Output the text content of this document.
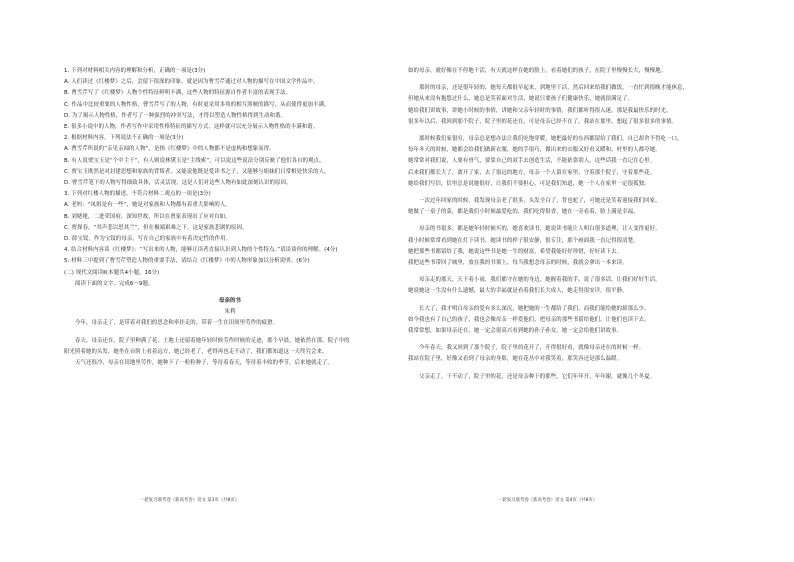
1. 下列对材料相关内容的理解和分析，正确的一项是(3分)
A. 人们读过《红楼梦》之后，会留下很深的印象，就是因为曹雪芹通过对人物的描写在中国文学作品中。
B. 曹雪芹写了《红楼梦》人物个性特征鲜明丰满，这些人物的特征源自作者丰富的表现手法。
C. 作品中比较重要的人物性格，曹雪芹写了的人物，有时更采用多角的相互照映的描写，从而使得更加丰满。
D. 为了揭示人物性格，作者写了一种强烈的冲突写法，才得以塑造人物性格得到生动和谐。
E. 很多小说中的人物，作者写作中采用性格特征的描写方式，这样就可以充分展示人物性格的丰满和谐。
2. 根据材料内容，下列说法不正确的一项是(3分)
A. 曹雪芹所说的“亲见亲闻的人物”，是指《红楼梦》中的人物都不是虚构和想象而得。
B. 有人说贾宝玉是“个中主干”，有人则说林黛玉是“主线索”，可以说这些说法分别反映了他们各自的观点。
C. 贾宝玉既然是对封建思想和家族的背叛者，又能说他既是爱读书之子，又能够与姐妹们日常相处快乐的人。
D. 曹雪芹笔下的人物写得细致具体，活灵活现，这是人们对这些人物有如此深刻认识的原因。
3. 下列对红楼人物的描述，不符合材料二观点的一项是(3分)
A. 老妈：“凤姐是有一些”，她是对家族和人物都有着重大影响的人。
B. 刘姥姥，二进荣国府，深知世故，所以在贾家表现出了应对自如。
C. 贾探春，“其声悲以思其兰”，但在极端艰难之下，这是家族悲剧的原因。
D. 薛宝钗，作为宝钗的母亲，写在自己的家族中有着决定性的作用。
4. 结合材料内容谈《红楼梦》：“写出来的人物，能够让读者直接认识到人物的个性特点。”请谈谈你的理解。(4分)
5. 材料三中提到了曹雪芹塑造人物的重要手法，请结合《红楼梦》中的人物形象加以分析说明。(6分)
(二) 现代文阅读Ⅱ(本题共4小题，16分)
阅读下面的文字，完成6～9题。
母亲的书
朱利
今年，母亲走了，是带着对我们的思念和牵挂走的。带着一生在田间里劳作的疲惫。
春天，母亲还在，院子里种满了花，土地上还留着她年轻时候劳作时候的足迹，那个早晨，她依然在那，院子中的
阳光照着她的头发，她坐在台阶上看着远方，她已经老了，老得再也走不动了，我们都知道这一天终究会来。
天气还很冷，母亲在田地里劳作，她种下了一粒粒种子，等待着春天，等待着丰收的季节，后来她就走了。
如的母亲，就好像在不停地干活，有天就这样在她的脸上，看着她们的孩子，在院子里慢慢长大，慢慢地。
那时的母亲，还是很年轻的，她每天都很早起来，到地里干活，然后回来给我们做饭，一直忙到很晚才能休息，
但她从来没有抱怨过什么，她总是笑着面对生活，她说只要孩子们健康快乐，她就很满足了。
她给我们讲故事，讲她小时候的事情，讲她和父亲年轻时的事情，我们都听得很入迷，那是我最快乐的时光。
很多年以后，我回到那个院子，院子里的花还在，可是母亲已经不在了，我站在那里，想起了很多很多的事情。
那时候我们家很穷，母亲总是想办法让我们吃饱穿暖，她把最好的东西都留给了我们，自己却舍不得吃一口，
每年冬天的时候，她都会给我们做新衣服，她的手很巧，做出来的衣服又好看又暖和，村里的人都夸她。
她常常对我们说，人要有骨气，要靠自己的双手去创造生活，不能依靠别人，这些话我一直记在心里。
后来我们都长大了，离开了家，去了很远的地方，母亲一个人留在家里，守着那个院子，守着那些花。
她给我们写信，信里总是说她很好，让我们不要担心，可是我们知道，她一个人在家里一定很孤独。
一次过年回家的时候，我发现母亲老了很多，头发全白了，背也驼了，可她还是笑着迎接我们回家。
她做了一桌子的菜，都是我们小时候最爱吃的，我们吃得很香，她在一旁看着，脸上满是幸福。
母亲的书很多，都是她年轻时候买的，她喜欢读书，她说读书能让人明白很多道理，让人变得更好。
我小时候常常看到她在灯下读书，她读书的样子很安静，很专注，那个画面我一直记得很清楚。
她把那些书都留给了我，她说这些书是她一生的财富，希望我能好好珍惜，好好读下去。
我把这些书带回了城里，放在我的书架上，每当我想念母亲的时候，我就会拿出一本来读。
母亲走的那天，天下着小雨，我们都守在她的身边，她握着我的手，说了很多话，让我们好好生活。
她说她这一生没有什么遗憾，最大的幸福就是看着我们长大成人，她走得很安详，很平静。
长大了，我才明白母亲的爱有多么深沉，她把她的一生都给了我们，而我们能给她的却那么少。
如今我也有了自己的孩子，我也会像母亲一样爱他们，把母亲的那些书留给他们，让他们也读下去。
我常常想，如果母亲还在，她一定会很高兴看到她的孙子孙女，她一定会给他们讲故事。
今年春天，我又回到了那个院子，院子里的花开了，开得很好看，就像母亲还在的时候一样。
我站在院子里，好像又看到了母亲的身影，她在花丛中对我笑着，那笑容还是那么温暖。
父亲走了，干不动了，院子里的花，还是母亲种下的那些，它们年年开，年年谢，就像几个冬夏。
一轮复习联考卷（新高考卷）语文 第3页（共8页）	一轮复习联考卷（新高考卷）语文 第4页（共8页）
